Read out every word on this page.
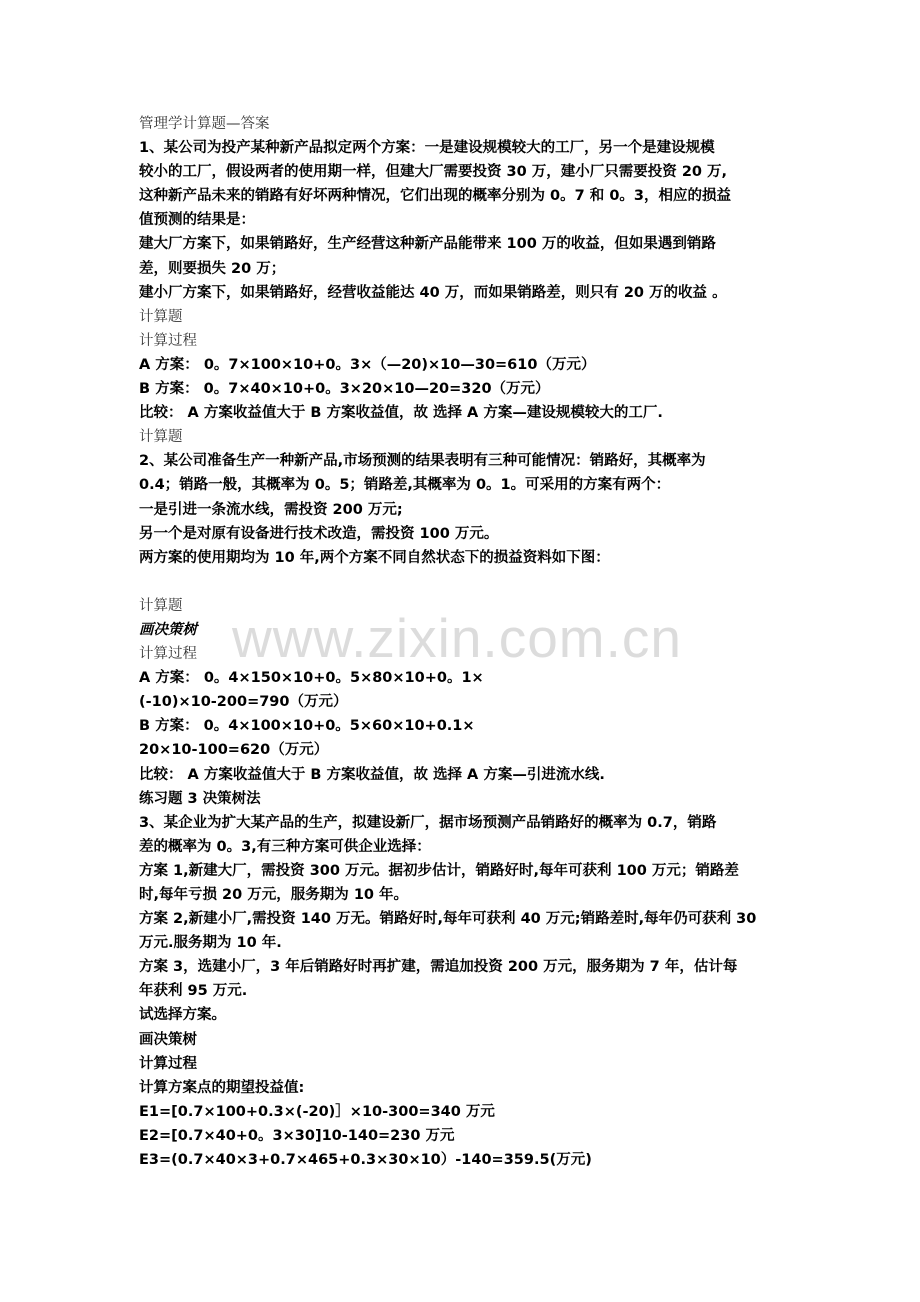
www.zixin.com.cn
管理学计算题—答案
1、某公司为投产某种新产品拟定两个方案：一是建设规模较大的工厂，另一个是建设规模
较小的工厂，假设两者的使用期一样，但建大厂需要投资 30 万，建小厂只需要投资 20 万,
这种新产品未来的销路有好坏两种情况，它们出现的概率分别为 0。7 和 0。3，相应的损益
值预测的结果是：
建大厂方案下，如果销路好，生产经营这种新产品能带来 100 万的收益，但如果遇到销路
差，则要损失 20 万；
建小厂方案下，如果销路好，经营收益能达 40 万，而如果销路差，则只有 20 万的收益 。
计算题
计算过程
A 方案： 0。7×100×10+0。3×（—20)×10—30=610（万元）
B 方案： 0。7×40×10+0。3×20×10—20=320（万元）
比较： A 方案收益值大于 B 方案收益值，故 选择 A 方案—建设规模较大的工厂.
计算题
2、某公司准备生产一种新产品,市场预测的结果表明有三种可能情况：销路好，其概率为
0.4；销路一般，其概率为 0。5；销路差,其概率为 0。1。可采用的方案有两个：
一是引进一条流水线，需投资 200 万元;
另一个是对原有设备进行技术改造，需投资 100 万元。
两方案的使用期均为 10 年,两个方案不同自然状态下的损益资料如下图：
计算题
画决策树
计算过程
A 方案： 0。4×150×10+0。5×80×10+0。1×
(-10)×10-200=790（万元）
B 方案： 0。4×100×10+0。5×60×10+0.1×
20×10-100=620（万元）
比较： A 方案收益值大于 B 方案收益值，故 选择 A 方案—引进流水线.
练习题 3 决策树法
3、某企业为扩大某产品的生产，拟建设新厂，据市场预测产品销路好的概率为 0.7，销路
差的概率为 0。3,有三种方案可供企业选择：
方案 1,新建大厂，需投资 300 万元。据初步估计，销路好时,每年可获利 100 万元；销路差
时,每年亏损 20 万元，服务期为 10 年。
方案 2,新建小厂,需投资 140 万无。销路好时,每年可获利 40 万元;销路差时,每年仍可获利 30
万元.服务期为 10 年.
方案 3，选建小厂，3 年后销路好时再扩建，需追加投资 200 万元，服务期为 7 年，估计每
年获利 95 万元.
试选择方案。
画决策树
计算过程
计算方案点的期望投益值:
E1=[0.7×100+0.3×(-20)］×10-300=340 万元
E2=[0.7×40+0。3×30]10-140=230 万元
E3=(0.7×40×3+0.7×465+0.3×30×10）-140=359.5(万元)
